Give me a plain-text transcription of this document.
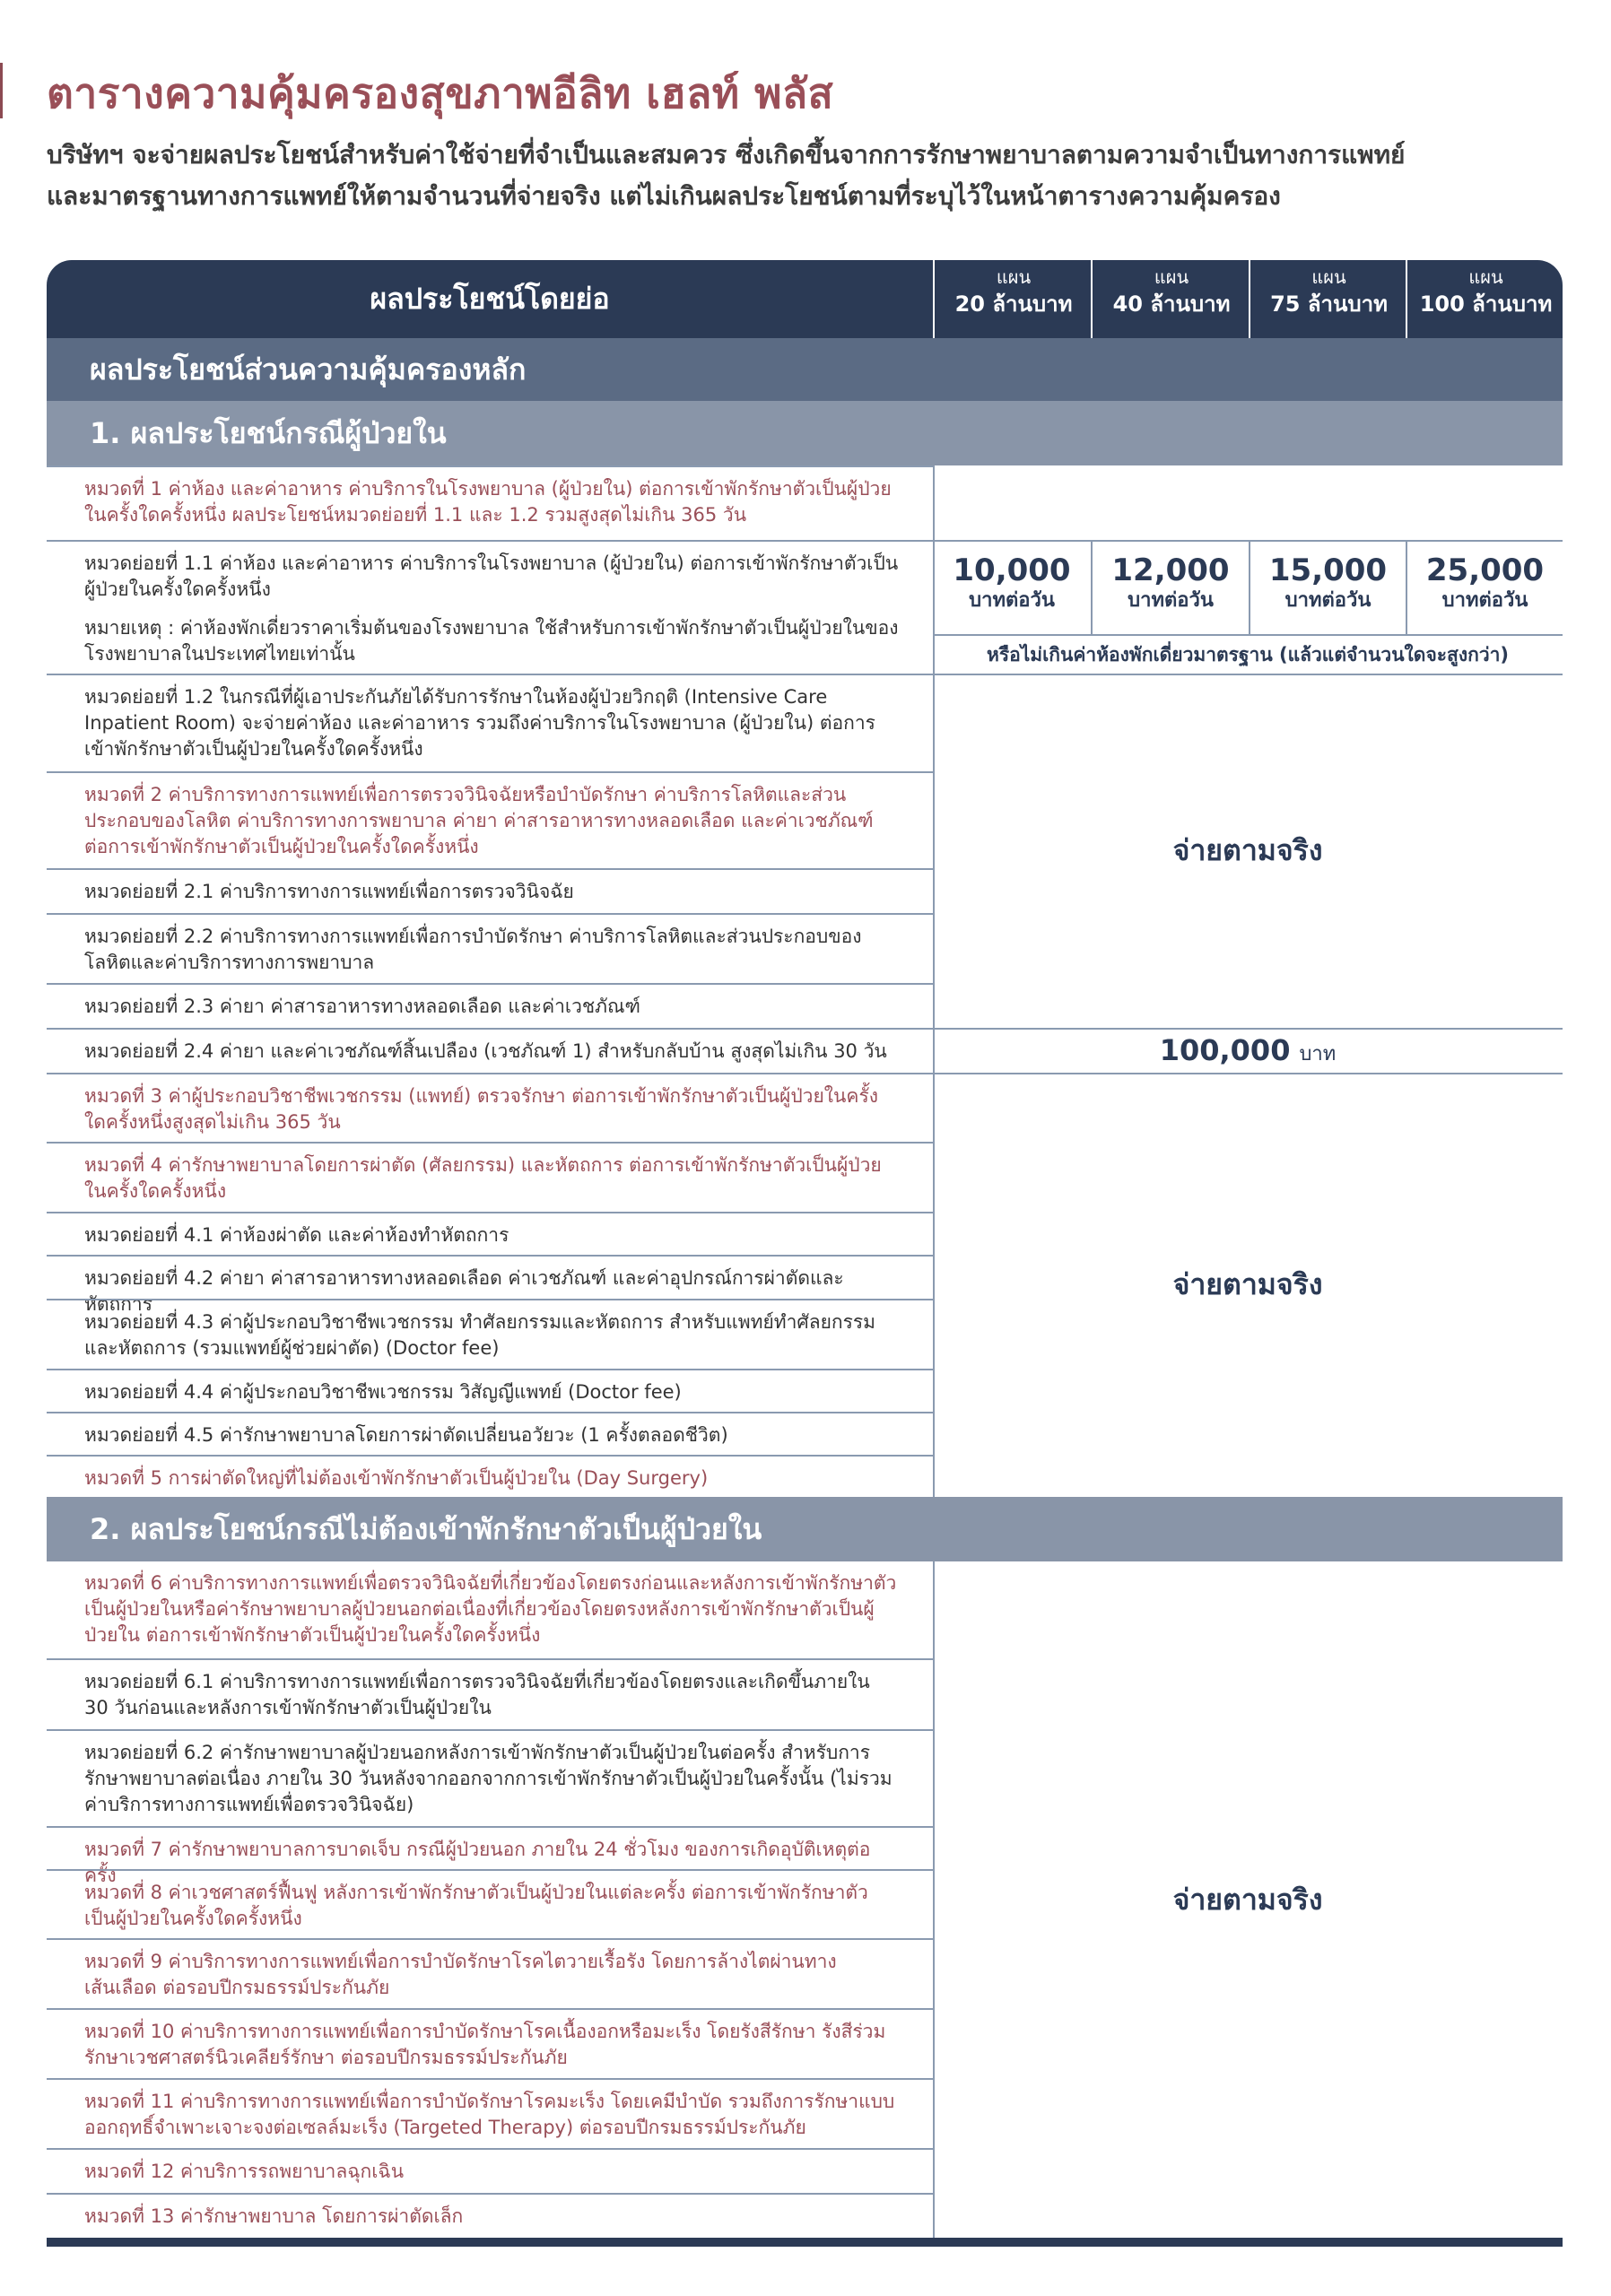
ตารางความคุ้มครองสุขภาพอีลิท เฮลท์ พลัส
บริษัทฯ จะจ่ายผลประโยชน์สำหรับค่าใช้จ่ายที่จำเป็นและสมควร ซึ่งเกิดขึ้นจากการรักษาพยาบาลตามความจำเป็นทางการแพทย์
และมาตรฐานทางการแพทย์ให้ตามจำนวนที่จ่ายจริง แต่ไม่เกินผลประโยชน์ตามที่ระบุไว้ในหน้าตารางความคุ้มครอง
ผลประโยชน์โดยย่อ
แผน
20 ล้านบาท
แผน
40 ล้านบาท
แผน
75 ล้านบาท
แผน
100 ล้านบาท
ผลประโยชน์ส่วนความคุ้มครองหลัก
1. ผลประโยชน์กรณีผู้ป่วยใน
หมวดที่ 1 ค่าห้อง และค่าอาหาร ค่าบริการในโรงพยาบาล (ผู้ป่วยใน) ต่อการเข้าพักรักษาตัวเป็นผู้ป่วยในครั้งใดครั้งหนึ่ง ผลประโยชน์หมวดย่อยที่ 1.1 และ 1.2 รวมสูงสุดไม่เกิน 365 วัน
หมวดย่อยที่ 1.1 ค่าห้อง และค่าอาหาร ค่าบริการในโรงพยาบาล (ผู้ป่วยใน) ต่อการเข้าพักรักษาตัวเป็นผู้ป่วยในครั้งใดครั้งหนึ่ง
หมายเหตุ : ค่าห้องพักเดี่ยวราคาเริ่มต้นของโรงพยาบาล ใช้สำหรับการเข้าพักรักษาตัวเป็นผู้ป่วยในของโรงพยาบาลในประเทศไทยเท่านั้น
หมวดย่อยที่ 1.2 ในกรณีที่ผู้เอาประกันภัยได้รับการรักษาในห้องผู้ป่วยวิกฤติ (Intensive Care Inpatient Room) จะจ่ายค่าห้อง และค่าอาหาร รวมถึงค่าบริการในโรงพยาบาล (ผู้ป่วยใน) ต่อการเข้าพักรักษาตัวเป็นผู้ป่วยในครั้งใดครั้งหนึ่ง
หมวดที่ 2 ค่าบริการทางการแพทย์เพื่อการตรวจวินิจฉัยหรือบำบัดรักษา ค่าบริการโลหิตและส่วนประกอบของโลหิต ค่าบริการทางการพยาบาล ค่ายา ค่าสารอาหารทางหลอดเลือด และค่าเวชภัณฑ์ ต่อการเข้าพักรักษาตัวเป็นผู้ป่วยในครั้งใดครั้งหนึ่ง
หมวดย่อยที่ 2.1 ค่าบริการทางการแพทย์เพื่อการตรวจวินิจฉัย
หมวดย่อยที่ 2.2 ค่าบริการทางการแพทย์เพื่อการบำบัดรักษา ค่าบริการโลหิตและส่วนประกอบของโลหิตและค่าบริการทางการพยาบาล
หมวดย่อยที่ 2.3 ค่ายา ค่าสารอาหารทางหลอดเลือด และค่าเวชภัณฑ์
หมวดย่อยที่ 2.4 ค่ายา และค่าเวชภัณฑ์สิ้นเปลือง (เวชภัณฑ์ 1) สำหรับกลับบ้าน สูงสุดไม่เกิน 30 วัน
หมวดที่ 3 ค่าผู้ประกอบวิชาชีพเวชกรรม (แพทย์) ตรวจรักษา ต่อการเข้าพักรักษาตัวเป็นผู้ป่วยในครั้งใดครั้งหนึ่งสูงสุดไม่เกิน 365 วัน
หมวดที่ 4 ค่ารักษาพยาบาลโดยการผ่าตัด (ศัลยกรรม) และหัตถการ ต่อการเข้าพักรักษาตัวเป็นผู้ป่วยในครั้งใดครั้งหนึ่ง
หมวดย่อยที่ 4.1 ค่าห้องผ่าตัด และค่าห้องทำหัตถการ
หมวดย่อยที่ 4.2 ค่ายา ค่าสารอาหารทางหลอดเลือด ค่าเวชภัณฑ์ และค่าอุปกรณ์การผ่าตัดและหัตถการ
หมวดย่อยที่ 4.3 ค่าผู้ประกอบวิชาชีพเวชกรรม ทำศัลยกรรมและหัตถการ สำหรับแพทย์ทำศัลยกรรมและหัตถการ (รวมแพทย์ผู้ช่วยผ่าตัด) (Doctor fee)
หมวดย่อยที่ 4.4 ค่าผู้ประกอบวิชาชีพเวชกรรม วิสัญญีแพทย์ (Doctor fee)
หมวดย่อยที่ 4.5 ค่ารักษาพยาบาลโดยการผ่าตัดเปลี่ยนอวัยวะ (1 ครั้งตลอดชีวิต)
หมวดที่ 5 การผ่าตัดใหญ่ที่ไม่ต้องเข้าพักรักษาตัวเป็นผู้ป่วยใน (Day Surgery)
10,000
บาทต่อวัน
12,000
บาทต่อวัน
15,000
บาทต่อวัน
25,000
บาทต่อวัน
หรือไม่เกินค่าห้องพักเดี่ยวมาตรฐาน (แล้วแต่จำนวนใดจะสูงกว่า)
จ่ายตามจริง
100,000 บาท
จ่ายตามจริง
2. ผลประโยชน์กรณีไม่ต้องเข้าพักรักษาตัวเป็นผู้ป่วยใน
หมวดที่ 6 ค่าบริการทางการแพทย์เพื่อตรวจวินิจฉัยที่เกี่ยวข้องโดยตรงก่อนและหลังการเข้าพักรักษาตัวเป็นผู้ป่วยในหรือค่ารักษาพยาบาลผู้ป่วยนอกต่อเนื่องที่เกี่ยวข้องโดยตรงหลังการเข้าพักรักษาตัวเป็นผู้ป่วยใน ต่อการเข้าพักรักษาตัวเป็นผู้ป่วยในครั้งใดครั้งหนึ่ง
หมวดย่อยที่ 6.1 ค่าบริการทางการแพทย์เพื่อการตรวจวินิจฉัยที่เกี่ยวข้องโดยตรงและเกิดขึ้นภายใน 30 วันก่อนและหลังการเข้าพักรักษาตัวเป็นผู้ป่วยใน
หมวดย่อยที่ 6.2 ค่ารักษาพยาบาลผู้ป่วยนอกหลังการเข้าพักรักษาตัวเป็นผู้ป่วยในต่อครั้ง สำหรับการรักษาพยาบาลต่อเนื่อง ภายใน 30 วันหลังจากออกจากการเข้าพักรักษาตัวเป็นผู้ป่วยในครั้งนั้น (ไม่รวมค่าบริการทางการแพทย์เพื่อตรวจวินิจฉัย)
หมวดที่ 7 ค่ารักษาพยาบาลการบาดเจ็บ กรณีผู้ป่วยนอก ภายใน 24 ชั่วโมง ของการเกิดอุบัติเหตุต่อครั้ง
หมวดที่ 8 ค่าเวชศาสตร์ฟื้นฟู หลังการเข้าพักรักษาตัวเป็นผู้ป่วยในแต่ละครั้ง ต่อการเข้าพักรักษาตัวเป็นผู้ป่วยในครั้งใดครั้งหนึ่ง
หมวดที่ 9 ค่าบริการทางการแพทย์เพื่อการบำบัดรักษาโรคไตวายเรื้อรัง โดยการล้างไตผ่านทางเส้นเลือด ต่อรอบปีกรมธรรม์ประกันภัย
หมวดที่ 10 ค่าบริการทางการแพทย์เพื่อการบำบัดรักษาโรคเนื้องอกหรือมะเร็ง โดยรังสีรักษา รังสีร่วมรักษาเวชศาสตร์นิวเคลียร์รักษา ต่อรอบปีกรมธรรม์ประกันภัย
หมวดที่ 11 ค่าบริการทางการแพทย์เพื่อการบำบัดรักษาโรคมะเร็ง โดยเคมีบำบัด รวมถึงการรักษาแบบออกฤทธิ์จำเพาะเจาะจงต่อเซลล์มะเร็ง (Targeted Therapy) ต่อรอบปีกรมธรรม์ประกันภัย
หมวดที่ 12 ค่าบริการรถพยาบาลฉุกเฉิน
หมวดที่ 13 ค่ารักษาพยาบาล โดยการผ่าตัดเล็ก
จ่ายตามจริง
